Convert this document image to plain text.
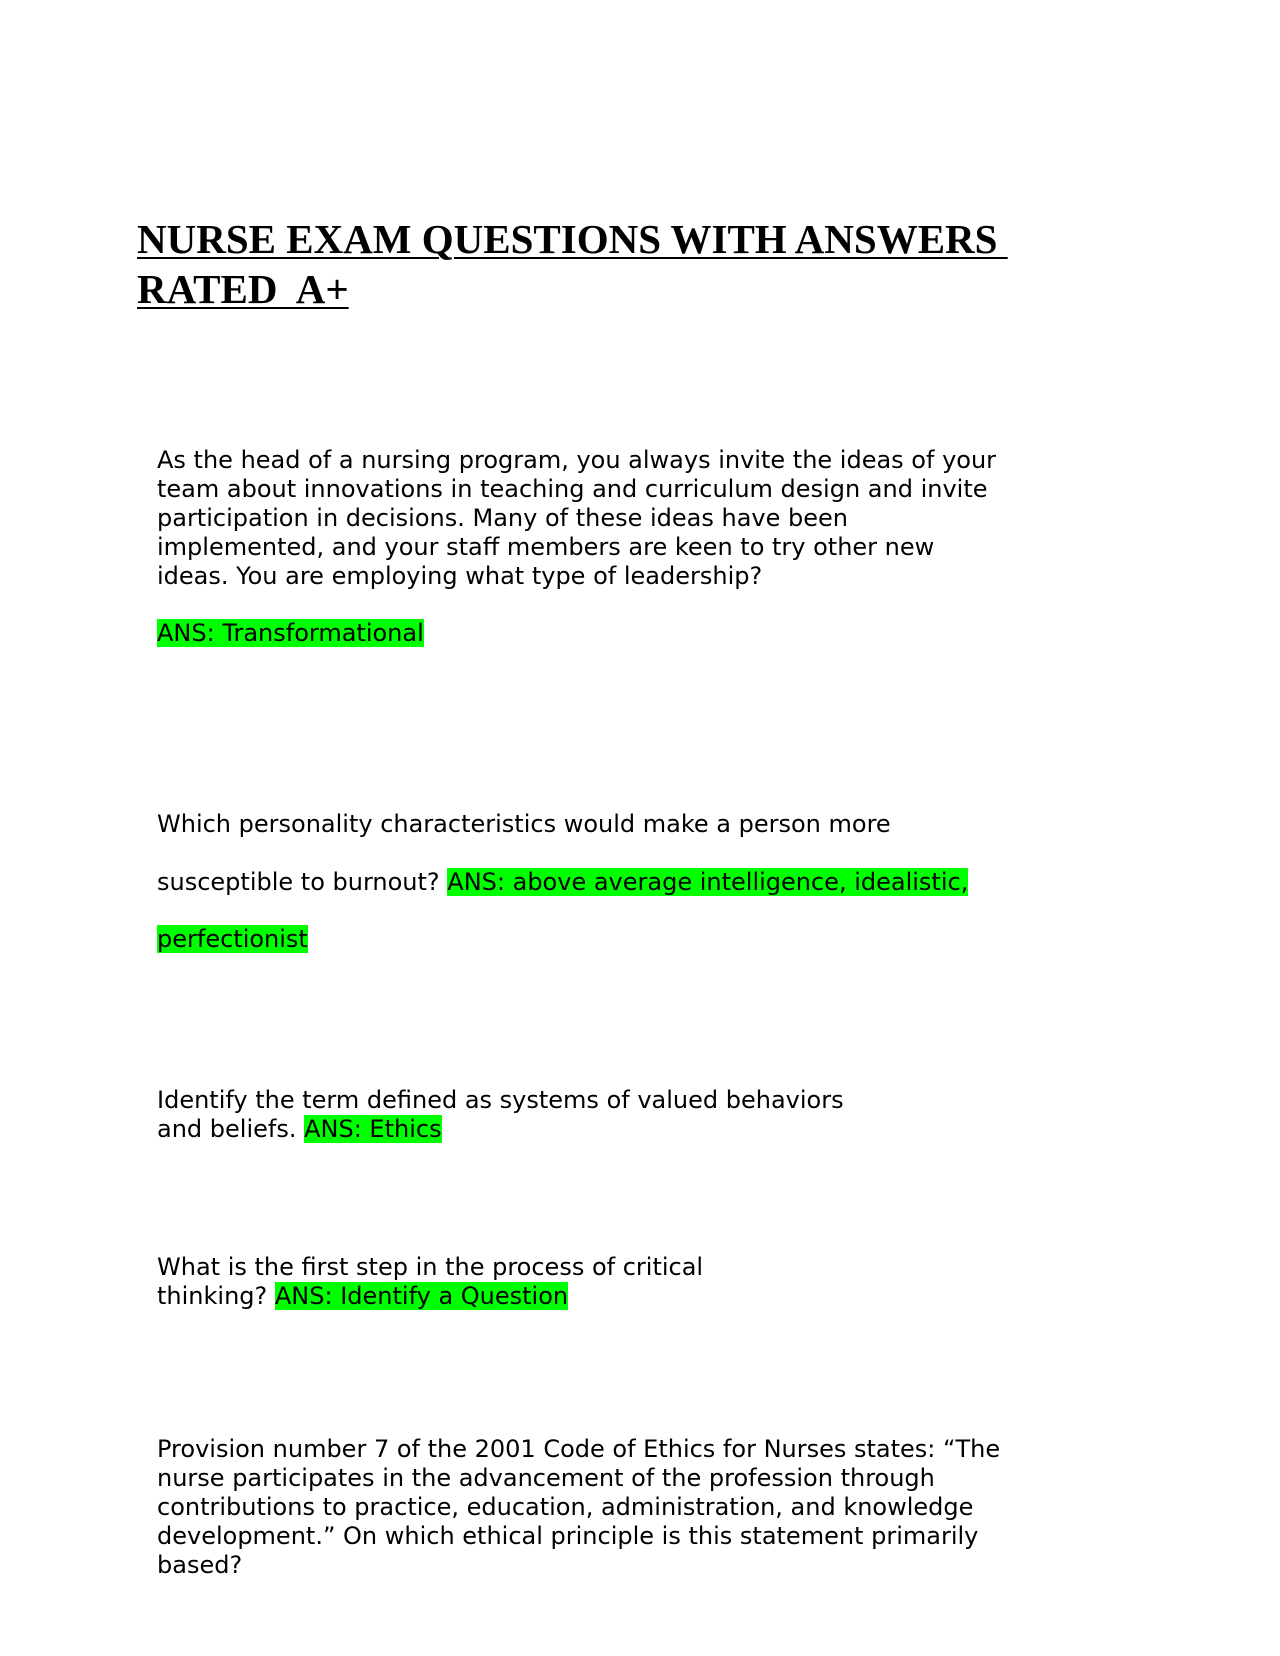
NURSE EXAM QUESTIONS WITH ANSWERS
RATED  A+
As the head of a nursing program, you always invite the ideas of your
team about innovations in teaching and curriculum design and invite
participation in decisions. Many of these ideas have been
implemented, and your staff members are keen to try other new
ideas. You are employing what type of leadership?
ANS: Transformational
Which personality characteristics would make a person more
susceptible to burnout? ANS: above average intelligence, idealistic,
perfectionist
Identify the term defined as systems of valued behaviors
and beliefs. ANS: Ethics
What is the first step in the process of critical
thinking? ANS: Identify a Question
Provision number 7 of the 2001 Code of Ethics for Nurses states: “The
nurse participates in the advancement of the profession through
contributions to practice, education, administration, and knowledge
development.” On which ethical principle is this statement primarily
based?
